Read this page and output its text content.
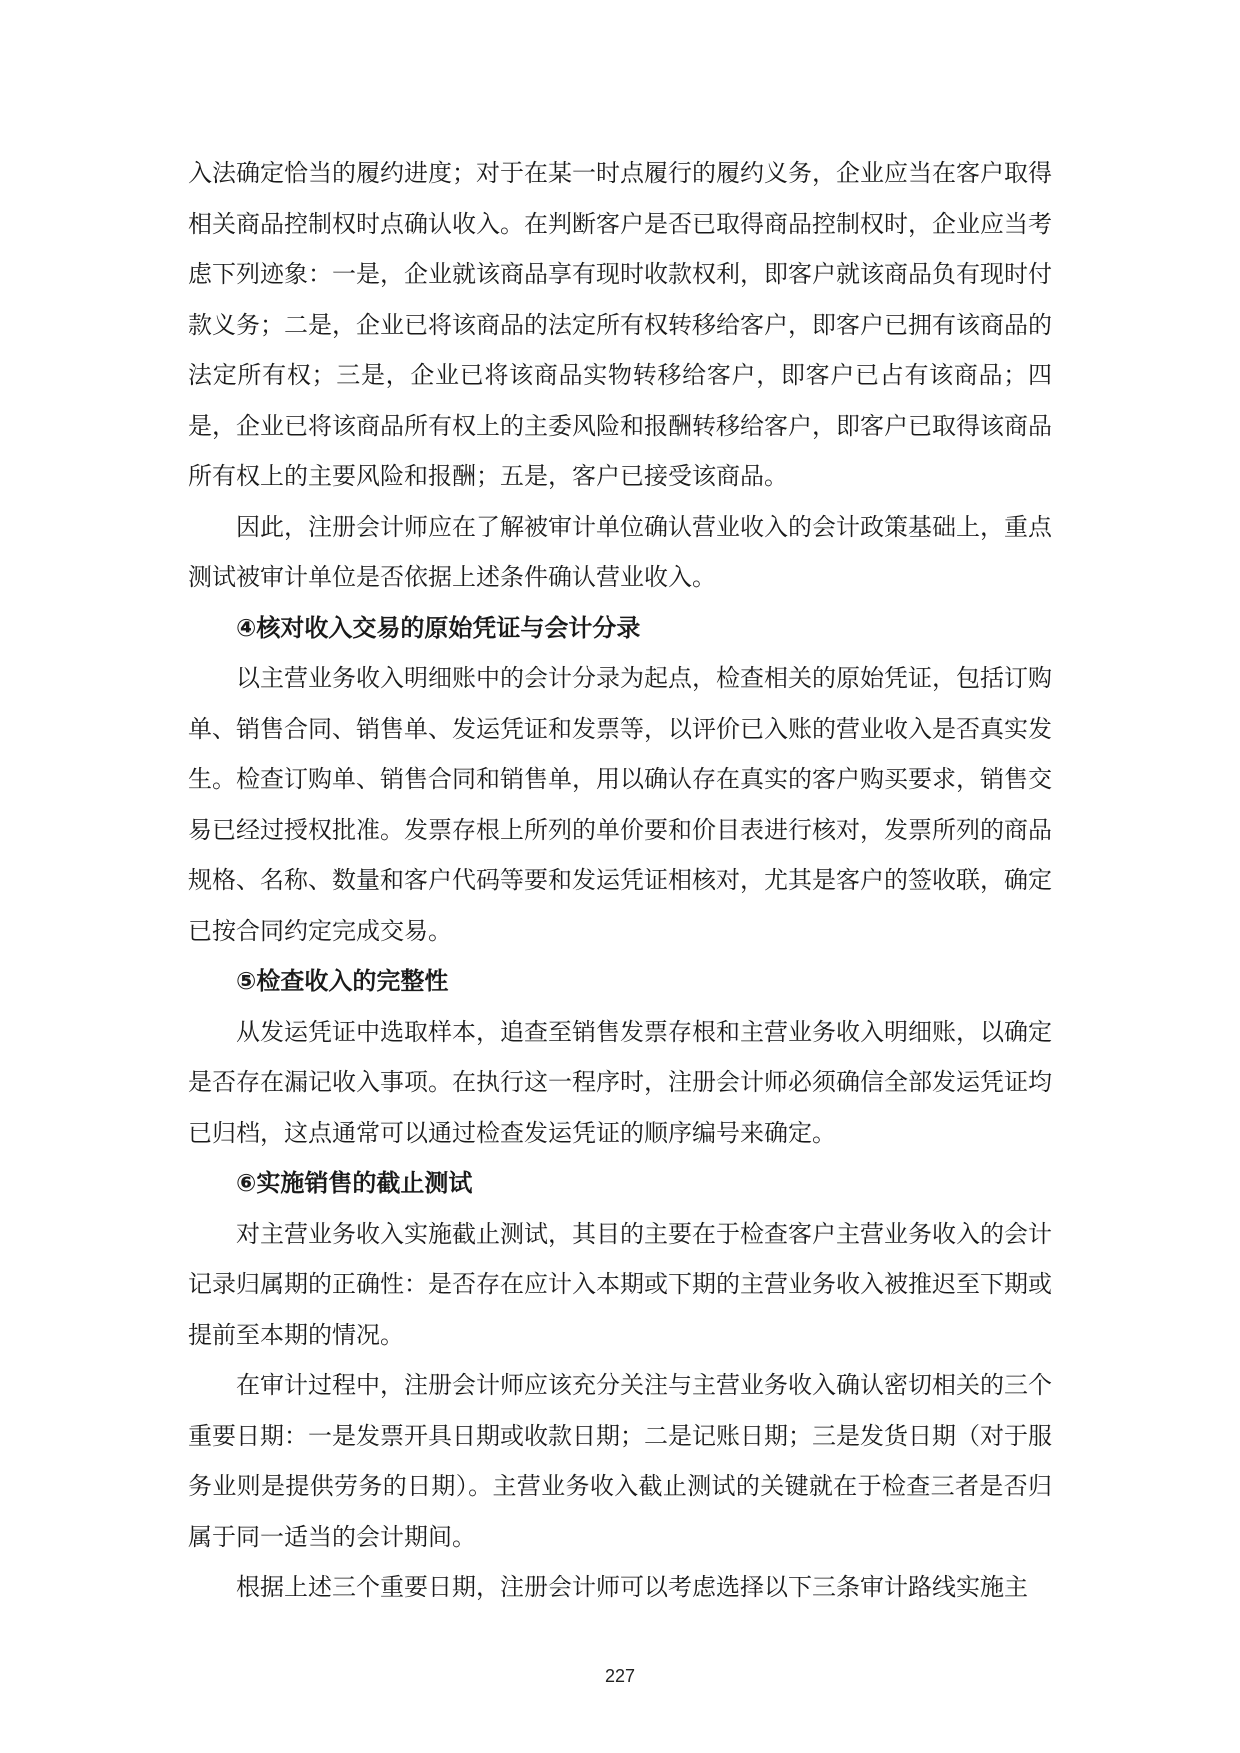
入法确定恰当的履约进度；对于在某一时点履行的履约义务，企业应当在客户取得相关商品控制权时点确认收入。在判断客户是否已取得商品控制权时，企业应当考虑下列迹象：一是，企业就该商品享有现时收款权利，即客户就该商品负有现时付款义务；二是，企业已将该商品的法定所有权转移给客户，即客户已拥有该商品的法定所有权；三是，企业已将该商品实物转移给客户，即客户已占有该商品；四是，企业已将该商品所有权上的主委风险和报酬转移给客户，即客户已取得该商品所有权上的主要风险和报酬；五是，客户已接受该商品。

因此，注册会计师应在了解被审计单位确认营业收入的会计政策基础上，重点测试被审计单位是否依据上述条件确认营业收入。

④核对收入交易的原始凭证与会计分录

以主营业务收入明细账中的会计分录为起点，检查相关的原始凭证，包括订购单、销售合同、销售单、发运凭证和发票等，以评价已入账的营业收入是否真实发生。检查订购单、销售合同和销售单，用以确认存在真实的客户购买要求，销售交易已经过授权批准。发票存根上所列的单价要和价目表进行核对，发票所列的商品规格、名称、数量和客户代码等要和发运凭证相核对，尤其是客户的签收联，确定已按合同约定完成交易。

⑤检查收入的完整性

从发运凭证中选取样本，追查至销售发票存根和主营业务收入明细账，以确定是否存在漏记收入事项。在执行这一程序时，注册会计师必须确信全部发运凭证均已归档，这点通常可以通过检查发运凭证的顺序编号来确定。

⑥实施销售的截止测试

对主营业务收入实施截止测试，其目的主要在于检查客户主营业务收入的会计记录归属期的正确性：是否存在应计入本期或下期的主营业务收入被推迟至下期或提前至本期的情况。

在审计过程中，注册会计师应该充分关注与主营业务收入确认密切相关的三个重要日期：一是发票开具日期或收款日期；二是记账日期；三是发货日期（对于服务业则是提供劳务的日期）。主营业务收入截止测试的关键就在于检查三者是否归属于同一适当的会计期间。

根据上述三个重要日期，注册会计师可以考虑选择以下三条审计路线实施主

227
